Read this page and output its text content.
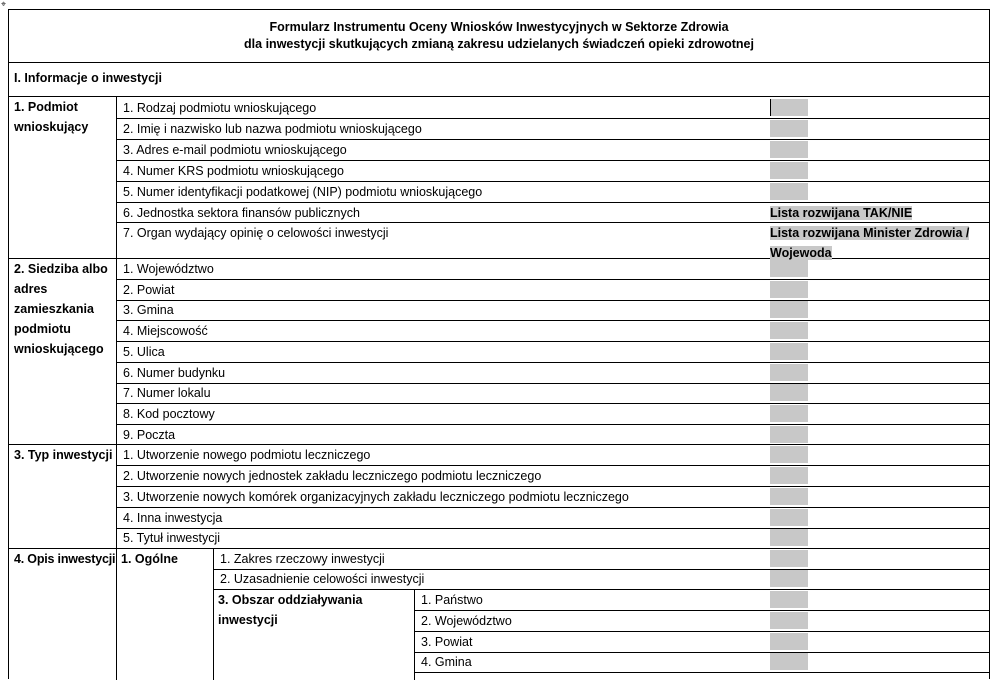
⌖
Formularz Instrumentu Oceny Wniosków Inwestycyjnych w Sektorze Zdrowia
dla inwestycji skutkujących zmianą zakresu udzielanych świadczeń opieki zdrowotnej
I. Informacje o inwestycji
1. Podmiot wnioskujący
2. Siedziba albo adres zamieszkania podmiotu wnioskującego
3. Typ inwestycji
4. Opis inwestycji 1. Ogólne
3. Obszar oddziaływania inwestycji
1. Rodzaj podmiotu wnioskującego
2. Imię i nazwisko lub nazwa podmiotu wnioskującego
3. Adres e-mail podmiotu wnioskującego
4. Numer KRS podmiotu wnioskującego
5. Numer identyfikacji podatkowej (NIP) podmiotu wnioskującego
6. Jednostka sektora finansów publicznych
7. Organ wydający opinię o celowości inwestycji
Lista rozwijana TAK/NIE
Lista rozwijana Minister Zdrowia /
Wojewoda
1. Województwo
2. Powiat
3. Gmina
4. Miejscowość
5. Ulica
6. Numer budynku
7. Numer lokalu
8. Kod pocztowy
9. Poczta
1. Utworzenie nowego podmiotu leczniczego
2. Utworzenie nowych jednostek zakładu leczniczego podmiotu leczniczego
3. Utworzenie nowych komórek organizacyjnych zakładu leczniczego podmiotu leczniczego
4. Inna inwestycja
5. Tytuł inwestycji
1. Zakres rzeczowy inwestycji
2. Uzasadnienie celowości inwestycji
1. Państwo
2. Województwo
3. Powiat
4. Gmina
